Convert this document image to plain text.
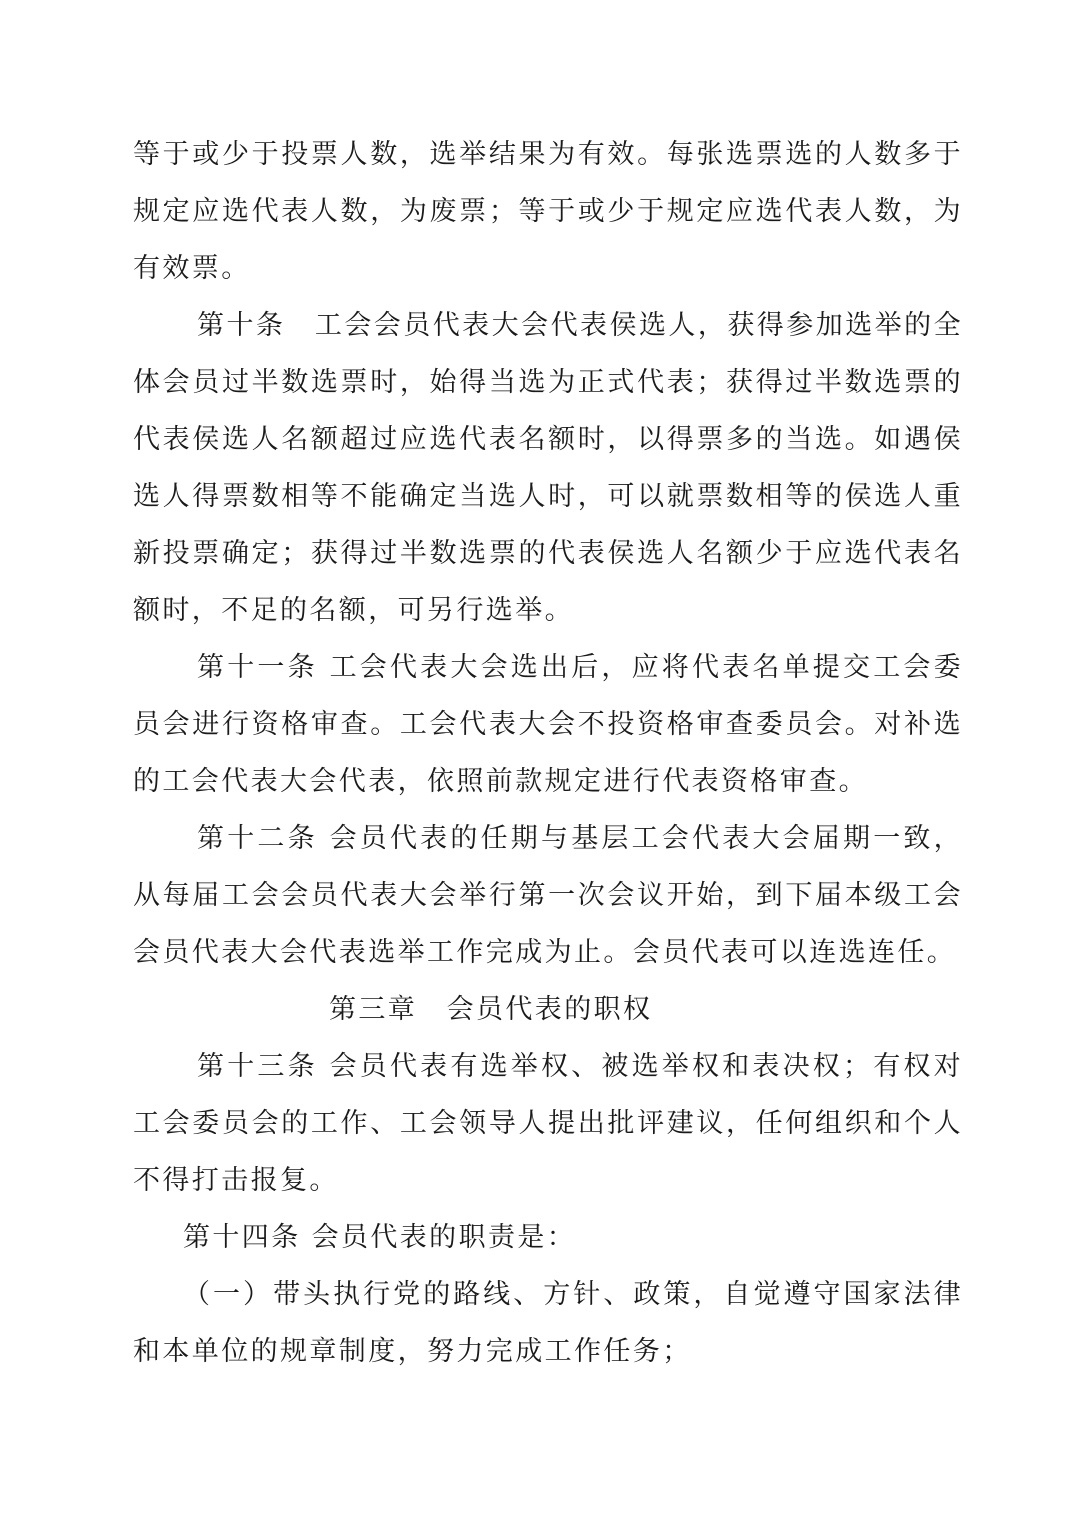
等于或少于投票人数，选举结果为有效。每张选票选的人数多于规定应选代表人数，为废票；等于或少于规定应选代表人数，为有效票。

第十条　工会会员代表大会代表侯选人，获得参加选举的全体会员过半数选票时，始得当选为正式代表；获得过半数选票的代表侯选人名额超过应选代表名额时，以得票多的当选。如遇侯选人得票数相等不能确定当选人时，可以就票数相等的侯选人重新投票确定；获得过半数选票的代表侯选人名额少于应选代表名额时，不足的名额，可另行选举。

第十一条 工会代表大会选出后，应将代表名单提交工会委员会进行资格审查。工会代表大会不投资格审查委员会。对补选的工会代表大会代表，依照前款规定进行代表资格审查。

第十二条 会员代表的任期与基层工会代表大会届期一致，从每届工会会员代表大会举行第一次会议开始，到下届本级工会会员代表大会代表选举工作完成为止。会员代表可以连选连任。

第三章　会员代表的职权

第十三条 会员代表有选举权、被选举权和表决权；有权对工会委员会的工作、工会领导人提出批评建议，任何组织和个人不得打击报复。

第十四条 会员代表的职责是：

（一）带头执行党的路线、方针、政策，自觉遵守国家法律和本单位的规章制度，努力完成工作任务；
